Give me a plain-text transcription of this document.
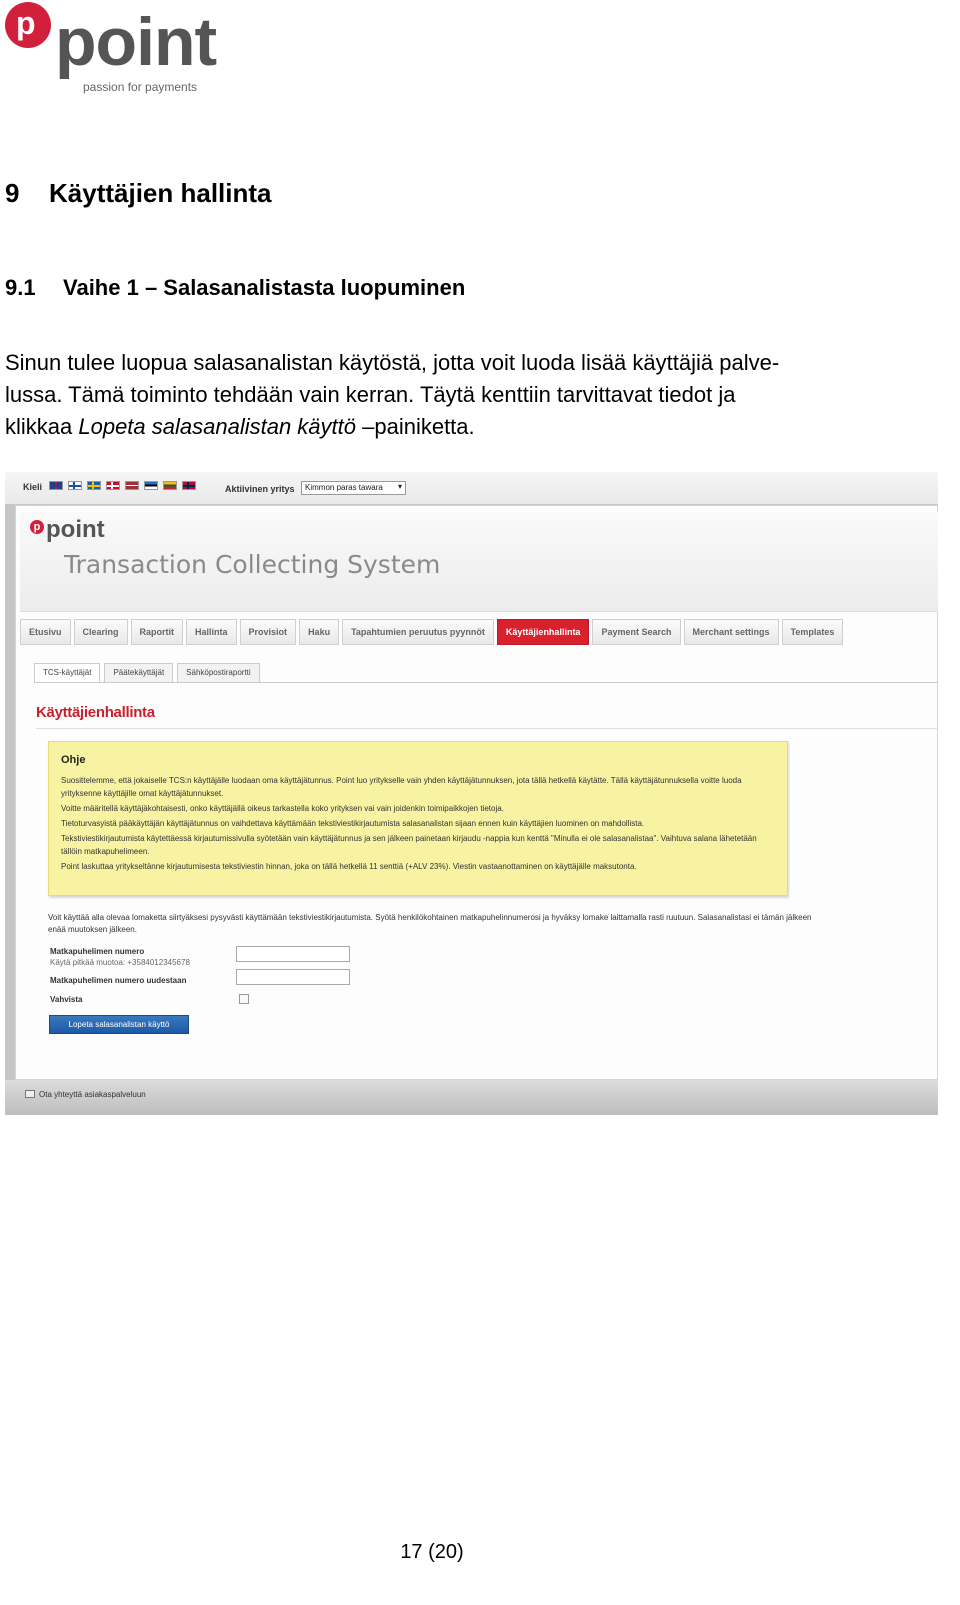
p point
passion for payments
9 Käyttäjien hallinta
9.1 Vaihe 1 – Salasanalistasta luopuminen
Sinun tulee luopua salasanalistan käytöstä, jotta voit luoda lisää käyttäjiä palve-
lussa. Tämä toiminto tehdään vain kerran. Täytä kenttiin tarvittavat tiedot ja
klikkaa Lopeta salasanalistan käyttö –painiketta.
Kieli	Aktiivinen yritys	Kimmon paras tawara ▾
p point
Transaction Collecting System
Etusivu	Clearing	Raportit	Hallinta	Provisiot	Haku	Tapahtumien peruutus pyynnöt	Käyttäjienhallinta	Payment Search	Merchant settings	Templates
TCS-käyttäjät	Päätekäyttäjät	Sähköpostiraportti
Käyttäjienhallinta
Ohje

Suosittelemme, että jokaiselle TCS:n käyttäjälle luodaan oma käyttäjätunnus. Point luo yritykselle vain yhden käyttäjätunnuksen, jota tällä hetkellä käytätte. Tällä käyttäjätunnuksella voitte luoda yrityksenne käyttäjille omat käyttäjätunnukset.

Voitte määritellä käyttäjäkohtaisesti, onko käyttäjällä oikeus tarkastella koko yrityksen vai vain joidenkin toimipaikkojen tietoja.

Tietoturvasyistä pääkäyttäjän käyttäjätunnus on vaihdettava käyttämään tekstiviestikirjautumista salasanalistan sijaan ennen kuin käyttäjien luominen on mahdollista.

Tekstiviestikirjautumista käytettäessä kirjautumissivulla syötetään vain käyttäjätunnus ja sen jälkeen painetaan kirjaudu -nappia kun kenttä "Minulla ei ole salasanalistaa". Vaihtuva salana lähetetään tällöin matkapuhelimeen.

Point laskuttaa yritykseltänne kirjautumisesta tekstiviestin hinnan, joka on tällä hetkellä 11 senttiä (+ALV 23%). Viestin vastaanottaminen on käyttäjälle maksutonta.

Voit käyttää alla olevaa lomaketta siirtyäksesi pysyvästi käyttämään tekstiviestikirjautumista. Syötä henkilökohtainen matkapuhelinnumerosi ja hyväksy lomake laittamalla rasti ruutuun. Salasanalistasi ei tämän jälkeen enää muutoksen jälkeen.
Matkapuhelimen numero
Käytä pitkää muotoa: +3584012345678
Matkapuhelimen numero uudestaan
Vahvista
Lopeta salasanalistan käyttö
Ota yhteyttä asiakaspalveluun
17 (20)
